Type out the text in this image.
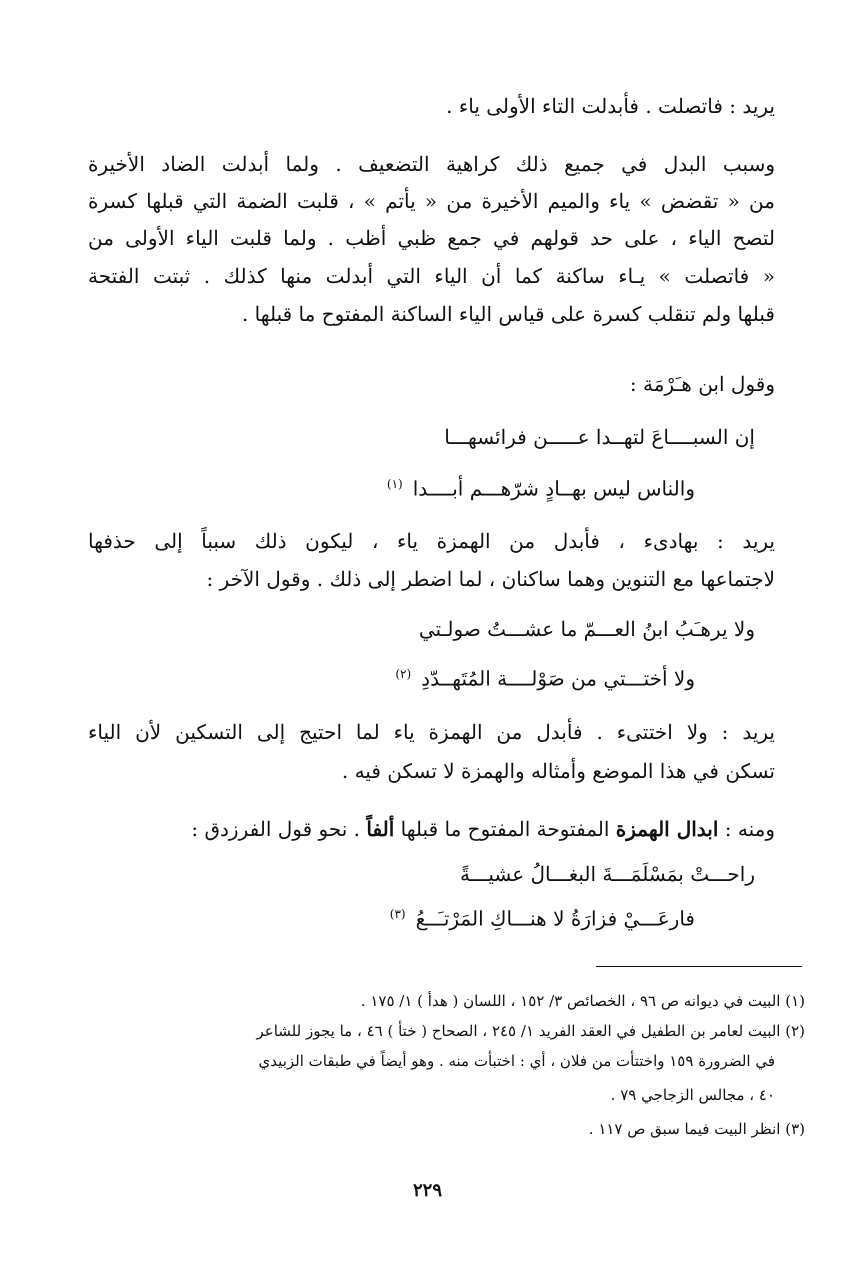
يريد : فاتصلت . فأبدلت التاء الأولى ياء .
وسبب البدل في جميع ذلك كراهية التضعيف . ولما أبدلت الضاد الأخيرة
من « تقضض » ياء والميم الأخيرة من « يأتم » ، قلبت الضمة التي قبلها كسرة
لتصح الياء ، على حد قولهم في جمع ظبي أظب . ولما قلبت الياء الأولى من
« فاتصلت » يـاء ساكنة كما أن الياء التي أبدلت منها كذلك . ثبتت الفتحة
قبلها ولم تنقلب كسرة على قياس الياء الساكنة المفتوح ما قبلها .
وقول ابن هـَرْمَة :
إن السبــــاعَ لتهــدا عـــــن فرائسهـــا
والناس ليس بهــادٍ شرّهـــم أبــــدا$^{(١)}$
يريد : بهادىء ، فأبدل من الهمزة ياء ، ليكون ذلك سبباً إلى حذفها
لاجتماعها مع التنوين وهما ساكنان ، لما اضطر إلى ذلك . وقول الآخر :
ولا يرهـَبُ ابنُ العـــمّ ما عشـــتُ صولـتي
ولا أختـــتي من صَوْلــــة المُتَهــدّدِ$^{(٢)}$
يريد : ولا اختتىء . فأبدل من الهمزة ياء لما احتيج إلى التسكين لأن الياء
تسكن في هذا الموضع وأمثاله والهمزة لا تسكن فيه .
ومنه : ابدال الهمزة المفتوحة المفتوح ما قبلها ألفاً . نحو قول الفرزدق :
راحـــتْ بمَسْلَمَـــةَ البغـــالُ عشيـــةً
فارعَـــيْ فزارَةُ لا هنـــاكِ المَرْتـَــعُ$^{(٣)}$
(١) البيت في ديوانه ص ٩٦ ، الخصائص ٣/ ١٥٢ ، اللسان ( هدأ ) ١/ ١٧٥ .
(٢) البيت لعامر بن الطفيل في العقد الفريد ١/ ٢٤٥ ، الصحاح ( ختأ ) ٤٦ ، ما يجوز للشاعر
في الضرورة ١٥٩ واختتأت من فلان ، أي : اختبأت منه . وهو أيضاً في طبقات الزبيدي
٤٠ ، مجالس الزجاجي ٧٩ .
(٣) انظر البيت فيما سبق ص ١١٧ .
٢٢٩
